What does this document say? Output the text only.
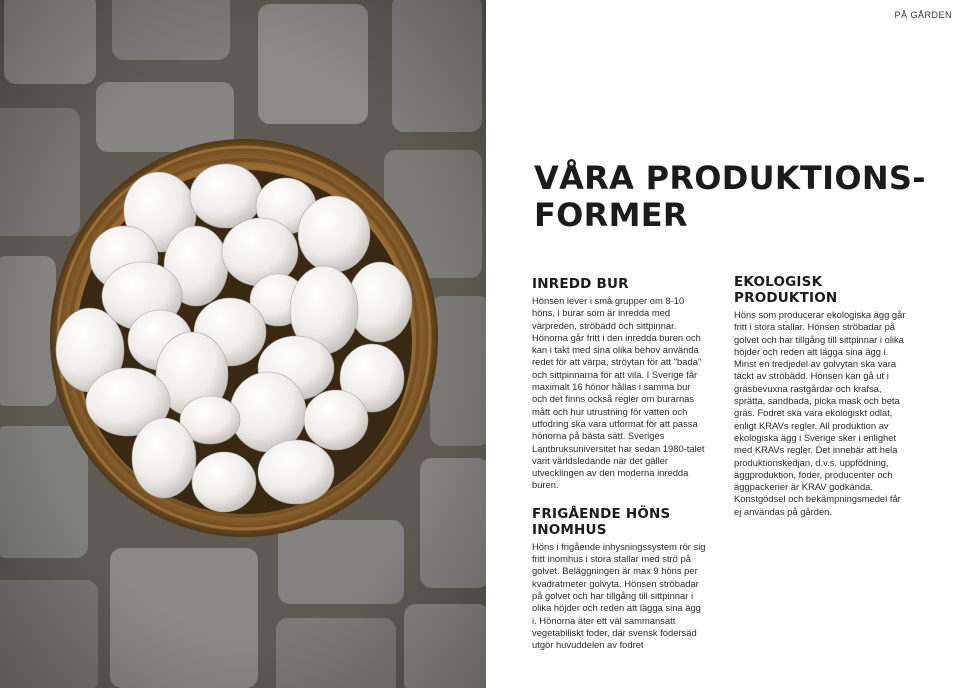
PÅ GÅRDEN
VÅRA PRODUKTIONS-
FORMER
INREDD BUR

Hönsen lever i små grupper om 8-10 höns, i burar som är inredda med värpreden, ströbädd och sittpinnar. Hönorna går fritt i den inredda buren och kan i takt med sina olika behov använda redet för att värpa, ströytan för att "bada" och sittpinnarna för att vila. I Sverige får maximalt 16 hönor hållas i samma bur och det finns också regler om burarnas mått och hur utrustning för vatten och utfodring ska vara utformat för att passa hönorna på bästa sätt. Sveriges Lantbruksuniversitet har sedan 1980-talet varit världsledande när det gäller utvecklingen av den moderna inredda buren.

FRIGÅENDE HÖNS INOMHUS

Höns i frigående inhysningssystem rör sig fritt inomhus i stora stallar med strö på golvet. Beläggningen är max 9 höns per kvadratmeter golvyta. Hönsen ströbadar på golvet och har tillgång till sittpinnar i olika höjder och reden att lägga sina ägg i. Hönorna äter ett väl sammansatt vegetabiliskt foder, där svensk fodersäd utgör huvuddelen av fodret

EKOLOGISK PRODUKTION

Höns som producerar ekologiska ägg går fritt i stora stallar. Hönsen ströbadar på golvet och har tillgång till sittpinnar i olika höjder och reden att lägga sina ägg i. Minst en tredjedel av golvytan ska vara täckt av ströbädd. Hönsen kan gå ut i gräsbevuxna rastgårdar och krafsa, sprätta, sandbada, picka mask och beta gräs. Fodret ska vara ekologiskt odlat, enligt KRAVs regler. All produktion av ekologiska ägg i Sverige sker i enlighet med KRAVs regler. Det innebär att hela produktionskedjan, d.v.s. uppfödning, äggproduktion, foder, producenter och äggpackerier är KRAV godkända. Konstgödsel och bekämpningsmedel får ej användas på gården.
